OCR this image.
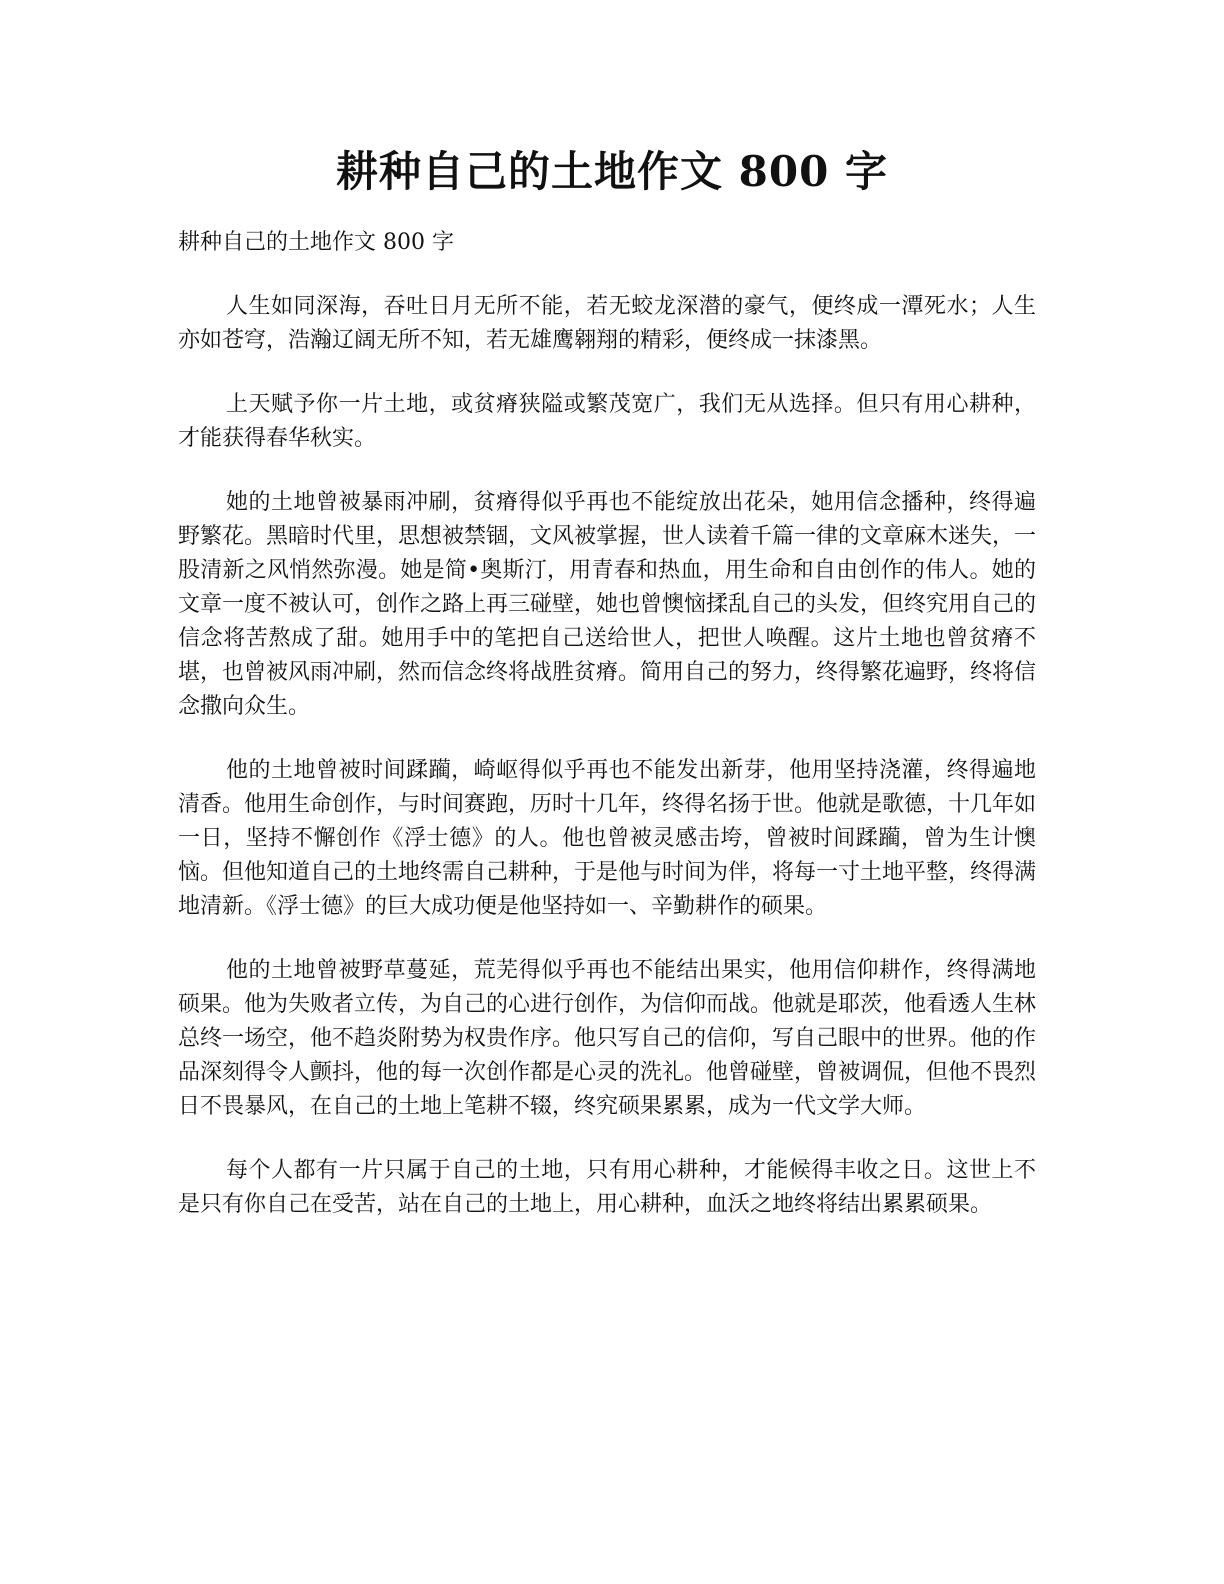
耕种自己的土地作文 800 字

耕种自己的土地作文 800 字

人生如同深海，吞吐日月无所不能，若无蛟龙深潜的豪气，便终成一潭死水；人生亦如苍穹，浩瀚辽阔无所不知，若无雄鹰翱翔的精彩，便终成一抹漆黑。

上天赋予你一片土地，或贫瘠狭隘或繁茂宽广，我们无从选择。但只有用心耕种，才能获得春华秋实。

她的土地曾被暴雨冲刷，贫瘠得似乎再也不能绽放出花朵，她用信念播种，终得遍野繁花。黑暗时代里，思想被禁锢，文风被掌握，世人读着千篇一律的文章麻木迷失，一股清新之风悄然弥漫。她是简•奥斯汀，用青春和热血，用生命和自由创作的伟人。她的文章一度不被认可，创作之路上再三碰壁，她也曾懊恼揉乱自己的头发，但终究用自己的信念将苦熬成了甜。她用手中的笔把自己送给世人，把世人唤醒。这片土地也曾贫瘠不堪，也曾被风雨冲刷，然而信念终将战胜贫瘠。简用自己的努力，终得繁花遍野，终将信念撒向众生。

他的土地曾被时间蹂躏，崎岖得似乎再也不能发出新芽，他用坚持浇灌，终得遍地清香。他用生命创作，与时间赛跑，历时十几年，终得名扬于世。他就是歌德，十几年如一日，坚持不懈创作《浮士德》的人。他也曾被灵感击垮，曾被时间蹂躏，曾为生计懊恼。但他知道自己的土地终需自己耕种，于是他与时间为伴，将每一寸土地平整，终得满地清新。《浮士德》的巨大成功便是他坚持如一、辛勤耕作的硕果。

他的土地曾被野草蔓延，荒芜得似乎再也不能结出果实，他用信仰耕作，终得满地硕果。他为失败者立传，为自己的心进行创作，为信仰而战。他就是耶茨，他看透人生林总终一场空，他不趋炎附势为权贵作序。他只写自己的信仰，写自己眼中的世界。他的作品深刻得令人颤抖，他的每一次创作都是心灵的洗礼。他曾碰壁，曾被调侃，但他不畏烈日不畏暴风，在自己的土地上笔耕不辍，终究硕果累累，成为一代文学大师。

每个人都有一片只属于自己的土地，只有用心耕种，才能候得丰收之日。这世上不是只有你自己在受苦，站在自己的土地上，用心耕种，血沃之地终将结出累累硕果。
